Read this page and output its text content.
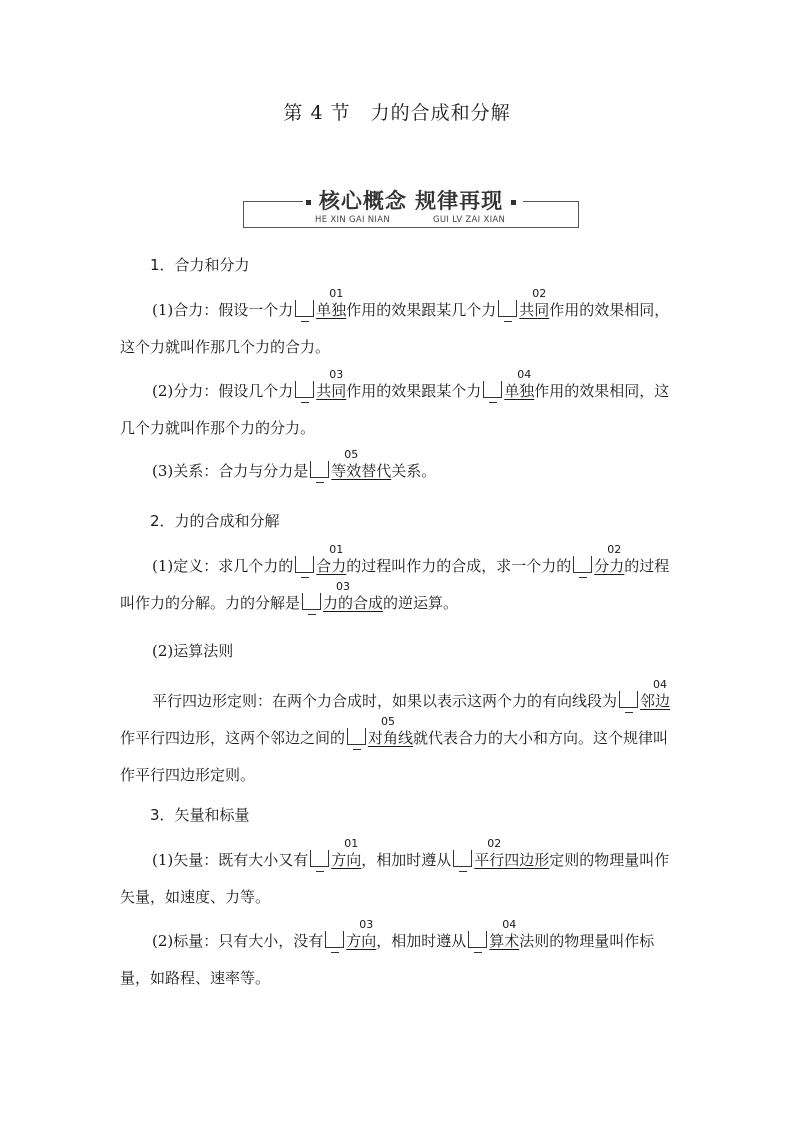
第 4 节　力的合成和分解
核心概念 规律再现
HE XIN GAI NIAN	GUI LV ZAI XIAN
1．合力和分力
(1)合力：假设一个力
01
单独作用的效果跟某几个力
02
共同作用的效果相同，这个力就叫作那几个力的合力。
(2)分力：假设几个力
03
共同作用的效果跟某个力
04
单独作用的效果相同，这几个力就叫作那个力的分力。
(3)关系：合力与分力是
05
等效替代关系。
2．力的合成和分解
(1)定义：求几个力的
01
合力的过程叫作力的合成，求一个力的
02
分力的过程叫作力的分解。力的分解是
03
力的合成的逆运算。
(2)运算法则
平行四边形定则：在两个力合成时，如果以表示这两个力的有向线段为
04
邻边作平行四边形，这两个邻边之间的
05
对角线就代表合力的大小和方向。这个规律叫作平行四边形定则。
3．矢量和标量
(1)矢量：既有大小又有
01
方向，相加时遵从
02
平行四边形定则的物理量叫作矢量，如速度、力等。
(2)标量：只有大小，没有
03
方向，相加时遵从
04
算术法则的物理量叫作标量，如路程、速率等。
